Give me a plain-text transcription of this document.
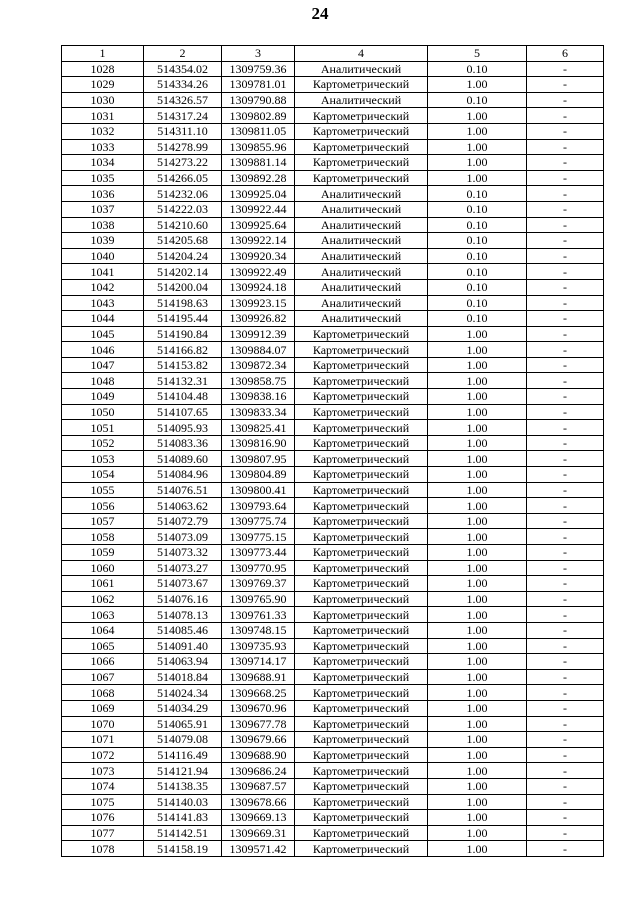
24
1	2	3	4	5	6
1028	514354.02	1309759.36	Аналитический	0.10	-
1029	514334.26	1309781.01	Картометрический	1.00	-
1030	514326.57	1309790.88	Аналитический	0.10	-
1031	514317.24	1309802.89	Картометрический	1.00	-
1032	514311.10	1309811.05	Картометрический	1.00	-
1033	514278.99	1309855.96	Картометрический	1.00	-
1034	514273.22	1309881.14	Картометрический	1.00	-
1035	514266.05	1309892.28	Картометрический	1.00	-
1036	514232.06	1309925.04	Аналитический	0.10	-
1037	514222.03	1309922.44	Аналитический	0.10	-
1038	514210.60	1309925.64	Аналитический	0.10	-
1039	514205.68	1309922.14	Аналитический	0.10	-
1040	514204.24	1309920.34	Аналитический	0.10	-
1041	514202.14	1309922.49	Аналитический	0.10	-
1042	514200.04	1309924.18	Аналитический	0.10	-
1043	514198.63	1309923.15	Аналитический	0.10	-
1044	514195.44	1309926.82	Аналитический	0.10	-
1045	514190.84	1309912.39	Картометрический	1.00	-
1046	514166.82	1309884.07	Картометрический	1.00	-
1047	514153.82	1309872.34	Картометрический	1.00	-
1048	514132.31	1309858.75	Картометрический	1.00	-
1049	514104.48	1309838.16	Картометрический	1.00	-
1050	514107.65	1309833.34	Картометрический	1.00	-
1051	514095.93	1309825.41	Картометрический	1.00	-
1052	514083.36	1309816.90	Картометрический	1.00	-
1053	514089.60	1309807.95	Картометрический	1.00	-
1054	514084.96	1309804.89	Картометрический	1.00	-
1055	514076.51	1309800.41	Картометрический	1.00	-
1056	514063.62	1309793.64	Картометрический	1.00	-
1057	514072.79	1309775.74	Картометрический	1.00	-
1058	514073.09	1309775.15	Картометрический	1.00	-
1059	514073.32	1309773.44	Картометрический	1.00	-
1060	514073.27	1309770.95	Картометрический	1.00	-
1061	514073.67	1309769.37	Картометрический	1.00	-
1062	514076.16	1309765.90	Картометрический	1.00	-
1063	514078.13	1309761.33	Картометрический	1.00	-
1064	514085.46	1309748.15	Картометрический	1.00	-
1065	514091.40	1309735.93	Картометрический	1.00	-
1066	514063.94	1309714.17	Картометрический	1.00	-
1067	514018.84	1309688.91	Картометрический	1.00	-
1068	514024.34	1309668.25	Картометрический	1.00	-
1069	514034.29	1309670.96	Картометрический	1.00	-
1070	514065.91	1309677.78	Картометрический	1.00	-
1071	514079.08	1309679.66	Картометрический	1.00	-
1072	514116.49	1309688.90	Картометрический	1.00	-
1073	514121.94	1309686.24	Картометрический	1.00	-
1074	514138.35	1309687.57	Картометрический	1.00	-
1075	514140.03	1309678.66	Картометрический	1.00	-
1076	514141.83	1309669.13	Картометрический	1.00	-
1077	514142.51	1309669.31	Картометрический	1.00	-
1078	514158.19	1309571.42	Картометрический	1.00	-
